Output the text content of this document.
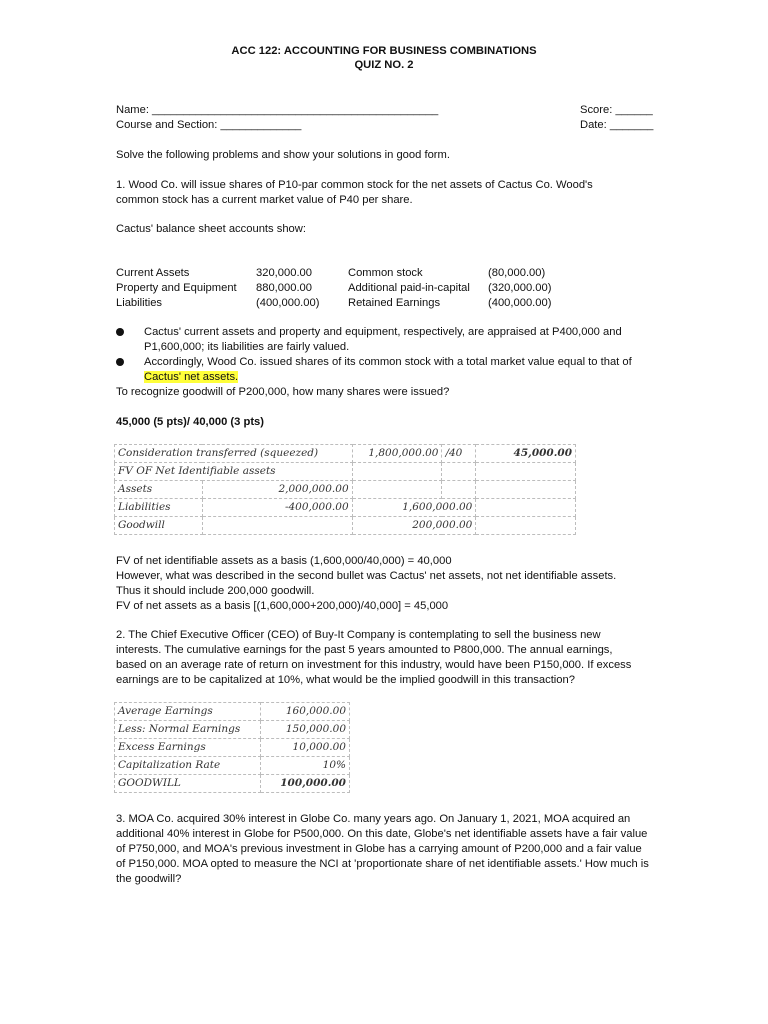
ACC 122: ACCOUNTING FOR BUSINESS COMBINATIONS
QUIZ NO. 2
Name: ______________________________________________	Score: ______
Course and Section: _____________	Date: _______
Solve the following problems and show your solutions in good form.
1. Wood Co. will issue shares of P10-par common stock for the net assets of Cactus Co. Wood's common stock has a current market value of P40 per share.
Cactus' balance sheet accounts show:
Current Assets	320,000.00	Common stock	(80,000.00)
Property and Equipment	880,000.00	Additional paid-in-capital	(320,000.00)
Liabilities	(400,000.00)	Retained Earnings	(400,000.00)
Cactus' current assets and property and equipment, respectively, are appraised at P400,000 and P1,600,000; its liabilities are fairly valued.
Accordingly, Wood Co. issued shares of its common stock with a total market value equal to that of Cactus' net assets.
To recognize goodwill of P200,000, how many shares were issued?
45,000 (5 pts)/ 40,000 (3 pts)
Consideration transferred (squeezed)		1,800,000.00	/40	45,000.00
FV OF Net Identifiable assets				
Assets	2,000,000.00			
Liabilities	-400,000.00	1,600,000.00		
Goodwill		200,000.00		
FV of net identifiable assets as a basis (1,600,000/40,000) = 40,000
However, what was described in the second bullet was Cactus' net assets, not net identifiable assets.
Thus it should include 200,000 goodwill.
FV of net assets as a basis [(1,600,000+200,000)/40,000] = 45,000
2. The Chief Executive Officer (CEO) of Buy-It Company is contemplating to sell the business new interests. The cumulative earnings for the past 5 years amounted to P800,000. The annual earnings, based on an average rate of return on investment for this industry, would have been P150,000. If excess earnings are to be capitalized at 10%, what would be the implied goodwill in this transaction?
Average Earnings	160,000.00
Less: Normal Earnings	150,000.00
Excess Earnings	10,000.00
Capitalization Rate	10%
GOODWILL	100,000.00
3. MOA Co. acquired 30% interest in Globe Co. many years ago. On January 1, 2021, MOA acquired an additional 40% interest in Globe for P500,000. On this date, Globe's net identifiable assets have a fair value of P750,000, and MOA's previous investment in Globe has a carrying amount of P200,000 and a fair value of P150,000. MOA opted to measure the NCI at 'proportionate share of net identifiable assets.' How much is the goodwill?
